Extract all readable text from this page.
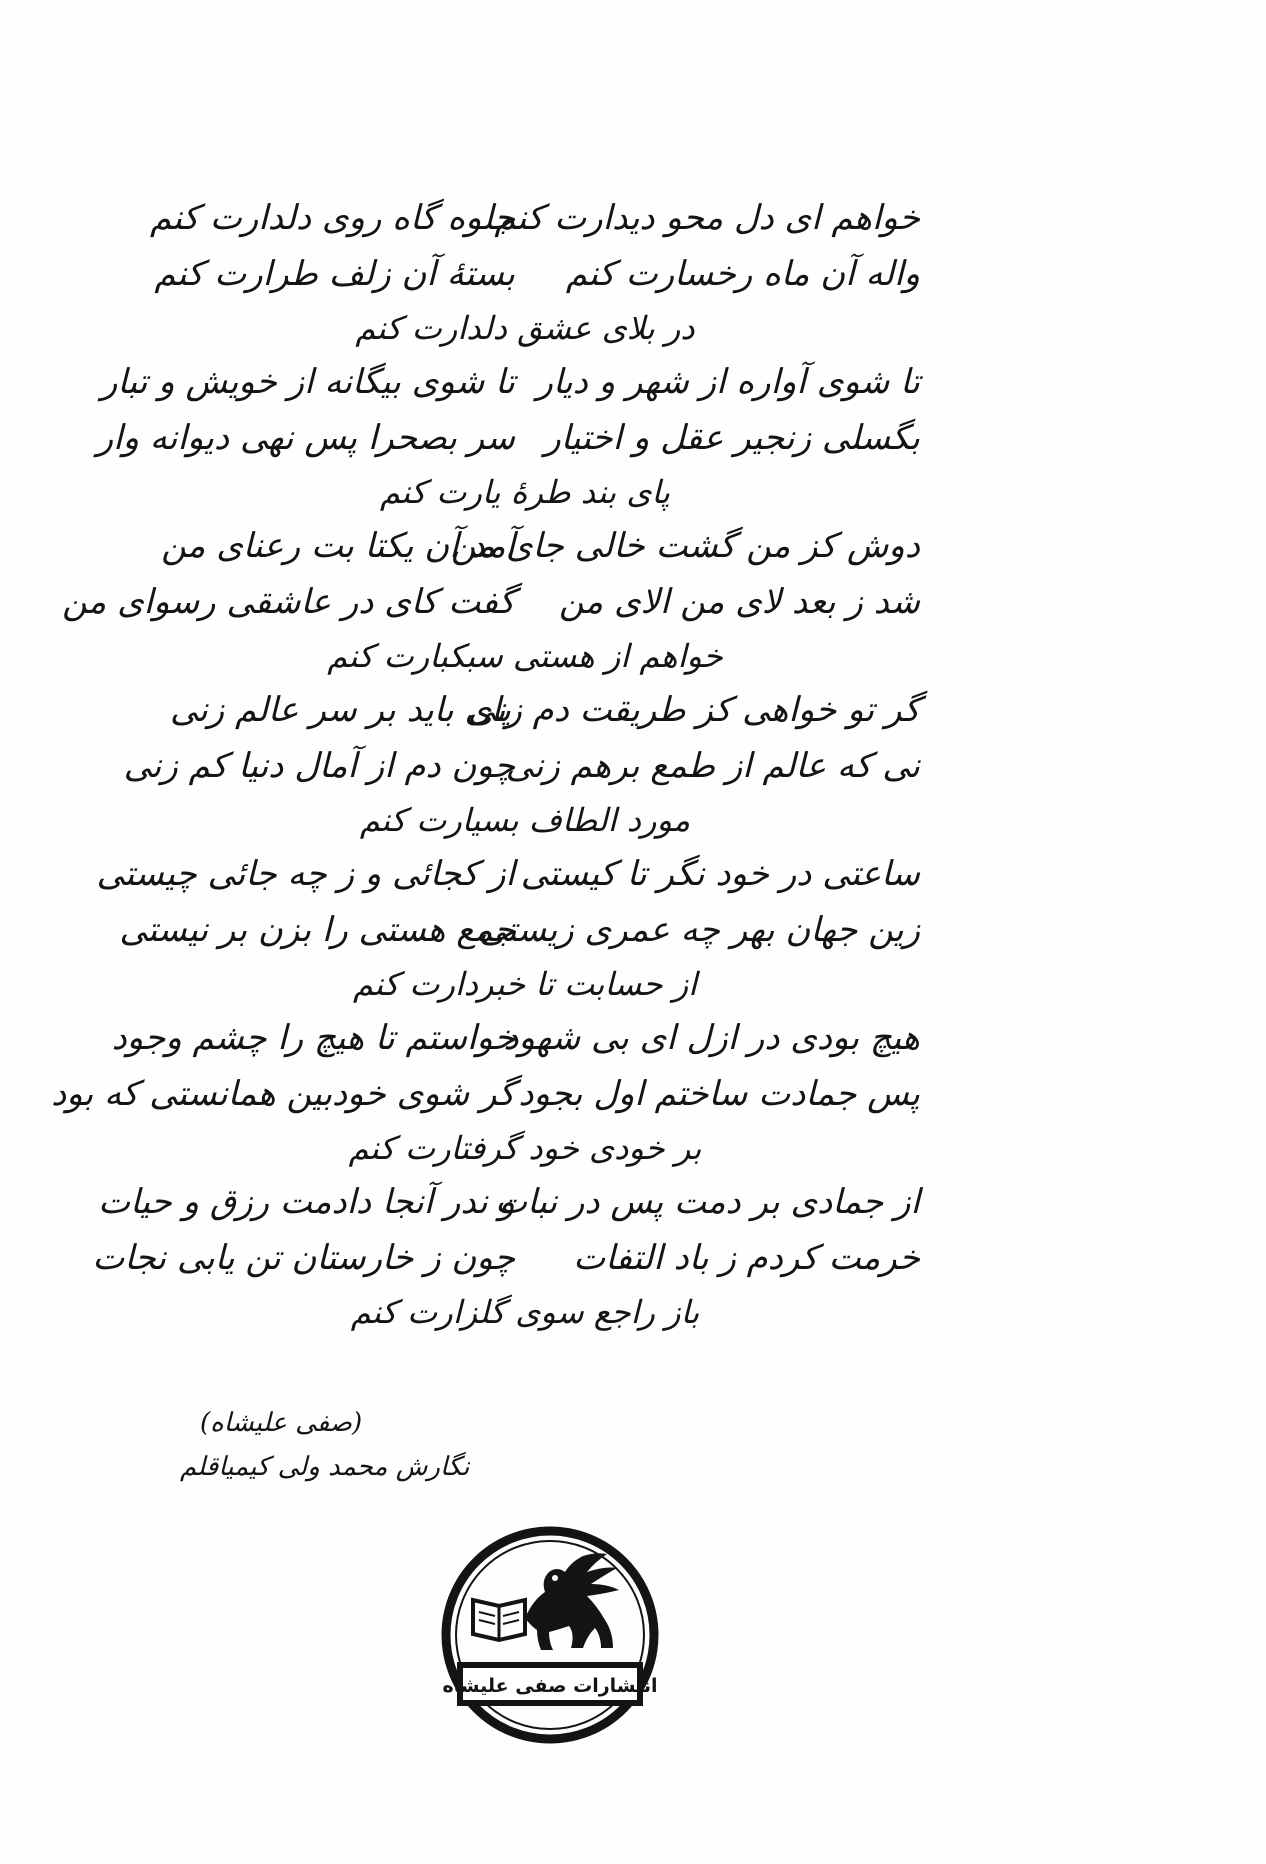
خواهم ای دل محو دیدارت کنم
جلوه گاه روی دلدارت کنم
واله آن ماه رخسارت کنم
بستهٔ آن زلف طرارت کنم
در بلای عشق دلدارت کنم
تا شوی آواره از شهر و دیار
تا شوی بیگانه از خویش و تبار
بگسلی زنجیر عقل و اختیار
سر بصحرا پس نهی دیوانه وار
پای بند طرهٔ یارت کنم
دوش کز من گشت خالی جای من
آمد آن یکتا بت رعنای من
شد ز بعد لای من الای من
گفت کای در عاشقی رسوای من
خواهم از هستی سبکبارت کنم
گر تو خواهی کز طریقت دم زنی
پای باید بر سر عالم زنی
نی که عالم از طمع برهم زنی
چون دم از آمال دنیا کم زنی
مورد الطاف بسیارت کنم
ساعتی در خود نگر تا کیستی
از کجائی و ز چه جائی چیستی
زین جهان بهر چه عمری زیستی
جمع هستی را بزن بر نیستی
از حسابت تا خبردارت کنم
هیچ بودی در ازل ای بی شهود
خواستم تا هیچ را چشم وجود
پس جمادت ساختم اول بجود
گر شوی خودبین همانستی که بود
بر خودی خود گرفتارت کنم
از جمادی بر دمت پس در نبات
و ندر آنجا دادمت رزق و حیات
خرمت کردم ز باد التفات
چون ز خارستان تن یابی نجات
باز راجع سوی گلزارت کنم
(صفی علیشاه)
نگارش محمد ولی کیمیاقلم
انتشارات صفی علیشاه
